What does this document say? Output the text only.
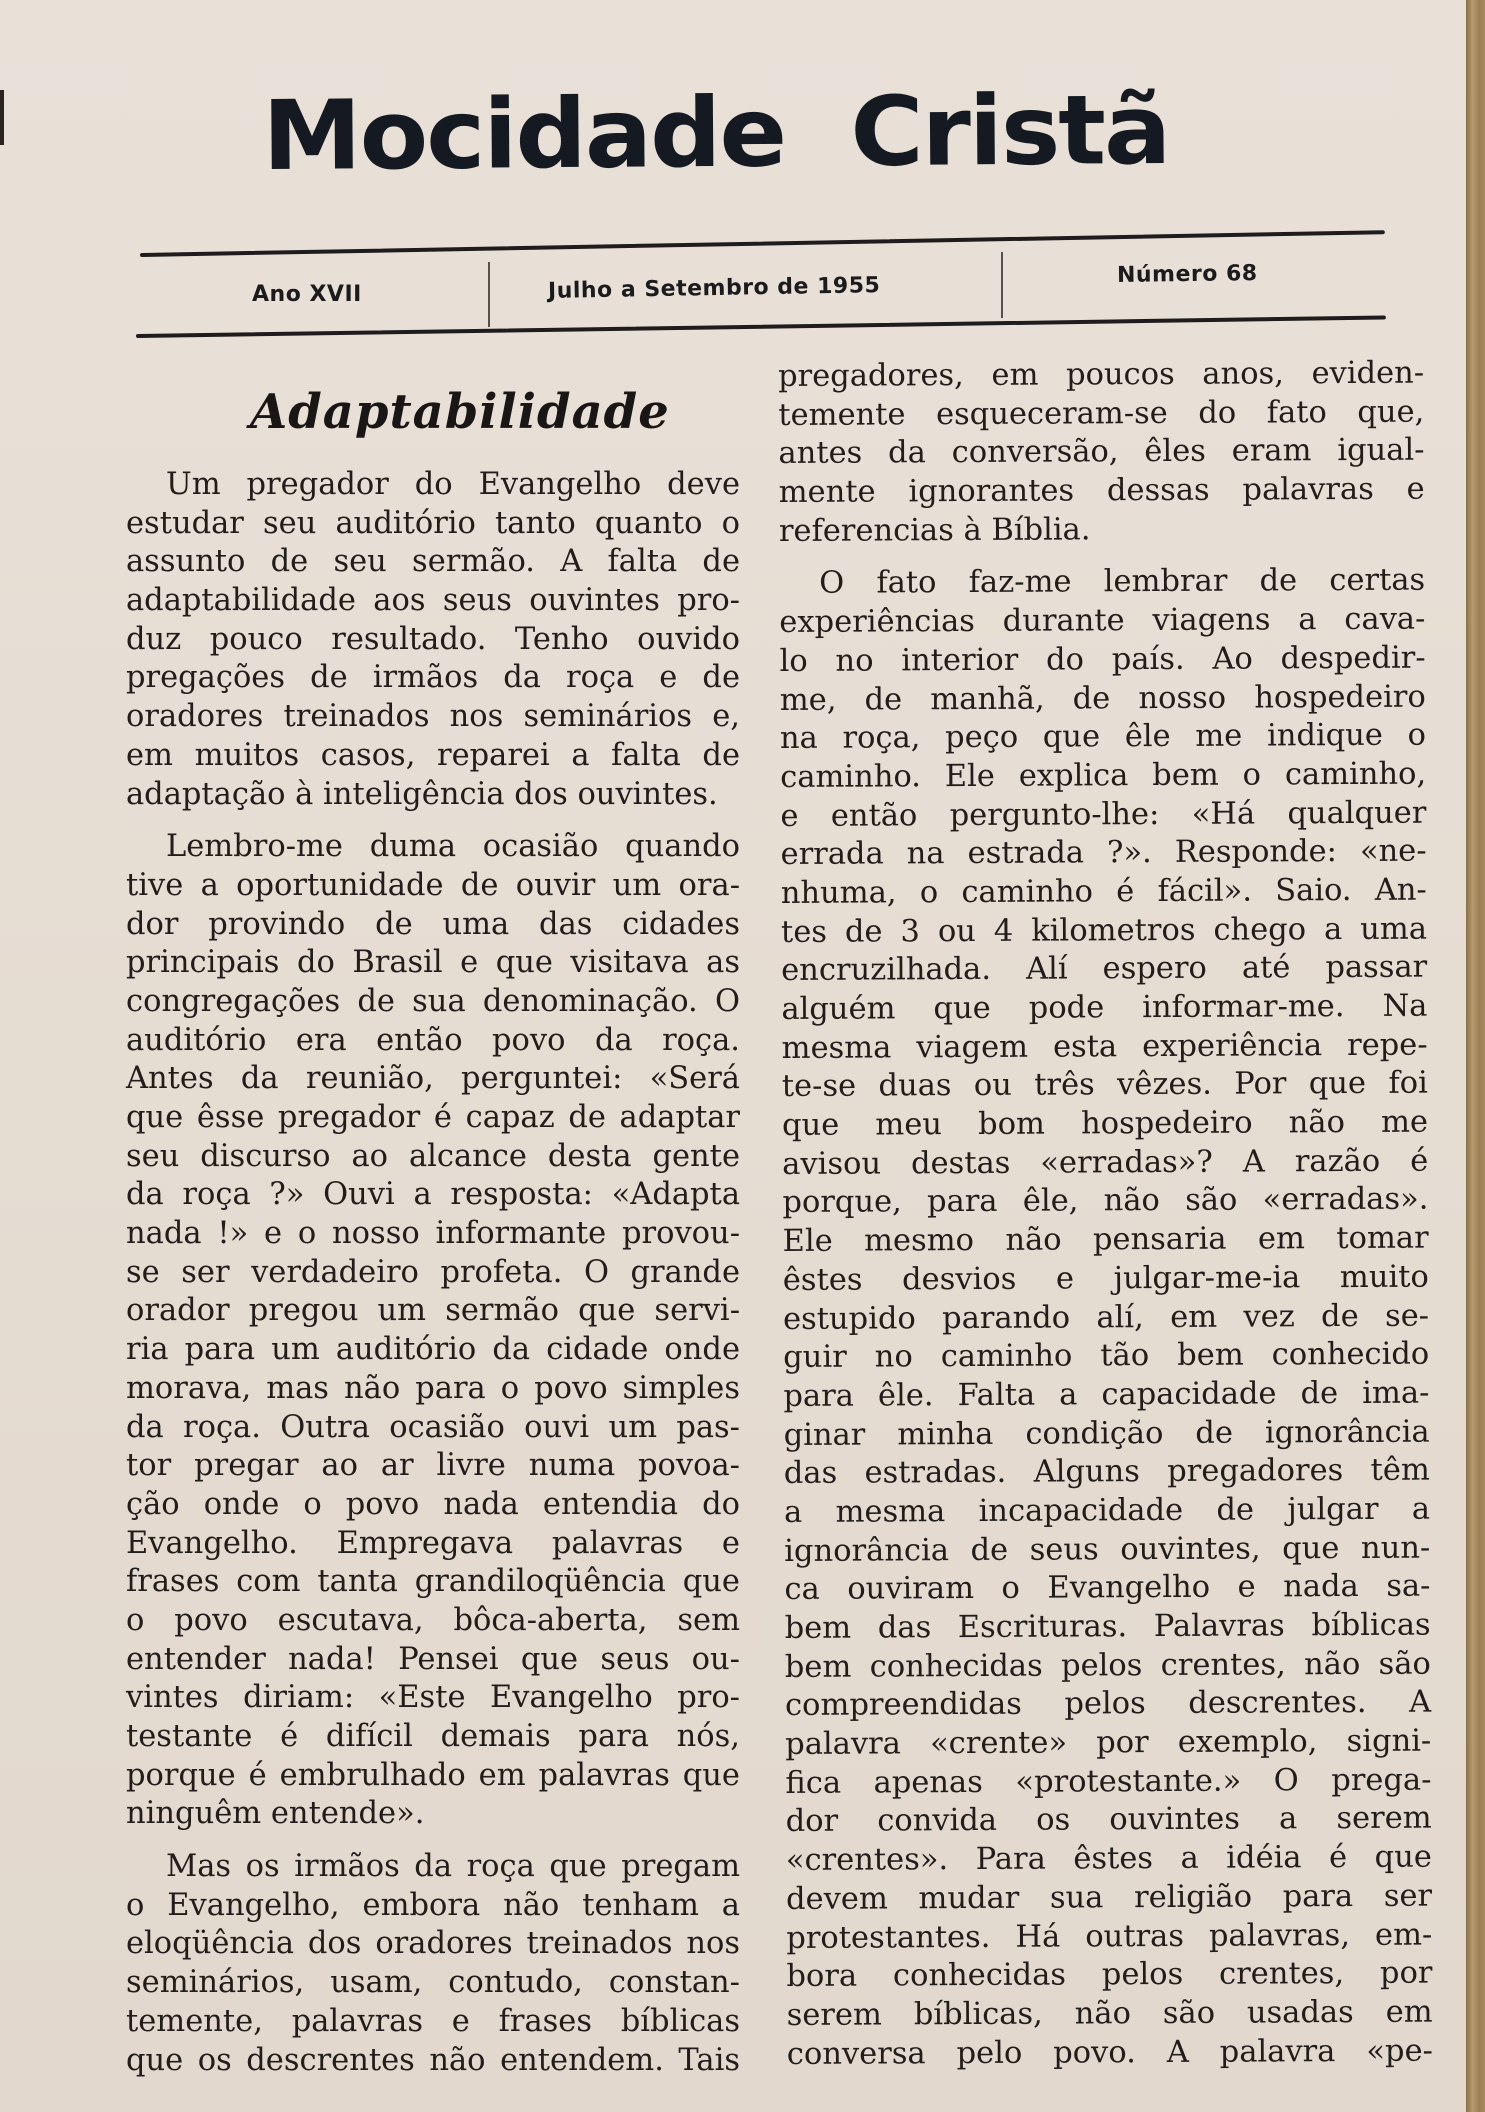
Mocidade  Cristã
Ano XVII	Julho a Setembro de 1955	Número 68
Adaptabilidade
Um pregador do Evangelho deve
estudar seu auditório tanto quanto o
assunto de seu sermão. A falta de
adaptabilidade aos seus ouvintes pro-
duz pouco resultado. Tenho ouvido
pregações de irmãos da roça e de
oradores treinados nos seminários e,
em muitos casos, reparei a falta de
adaptação à inteligência dos ouvintes.
Lembro-me duma ocasião quando
tive a oportunidade de ouvir um ora-
dor provindo de uma das cidades
principais do Brasil e que visitava as
congregações de sua denominação. O
auditório era então povo da roça.
Antes da reunião, perguntei: «Será
que êsse pregador é capaz de adaptar
seu discurso ao alcance desta gente
da roça ?» Ouvi a resposta: «Adapta
nada !» e o nosso informante provou-
se ser verdadeiro profeta. O grande
orador pregou um sermão que servi-
ria para um auditório da cidade onde
morava, mas não para o povo simples
da roça. Outra ocasião ouvi um pas-
tor pregar ao ar livre numa povoa-
ção onde o povo nada entendia do
Evangelho. Empregava palavras e
frases com tanta grandiloqüência que
o povo escutava, bôca-aberta, sem
entender nada! Pensei que seus ou-
vintes diriam: «Este Evangelho pro-
testante é difícil demais para nós,
porque é embrulhado em palavras que
ninguêm entende».
Mas os irmãos da roça que pregam
o Evangelho, embora não tenham a
eloqüência dos oradores treinados nos
seminários, usam, contudo, constan-
temente, palavras e frases bíblicas
que os descrentes não entendem. Tais
pregadores, em poucos anos, eviden-
temente esqueceram-se do fato que,
antes da conversão, êles eram igual-
mente ignorantes dessas palavras e
referencias à Bíblia.
O fato faz-me lembrar de certas
experiências durante viagens a cava-
lo no interior do país. Ao despedir-
me, de manhã, de nosso hospedeiro
na roça, peço que êle me indique o
caminho. Ele explica bem o caminho,
e então pergunto-lhe: «Há qualquer
errada na estrada ?». Responde: «ne-
nhuma, o caminho é fácil». Saio. An-
tes de 3 ou 4 kilometros chego a uma
encruzilhada. Alí espero até passar
alguém que pode informar-me. Na
mesma viagem esta experiência repe-
te-se duas ou três vêzes. Por que foi
que meu bom hospedeiro não me
avisou destas «erradas»? A razão é
porque, para êle, não são «erradas».
Ele mesmo não pensaria em tomar
êstes desvios e julgar-me-ia muito
estupido parando alí, em vez de se-
guir no caminho tão bem conhecido
para êle. Falta a capacidade de ima-
ginar minha condição de ignorância
das estradas. Alguns pregadores têm
a mesma incapacidade de julgar a
ignorância de seus ouvintes, que nun-
ca ouviram o Evangelho e nada sa-
bem das Escrituras. Palavras bíblicas
bem conhecidas pelos crentes, não são
compreendidas pelos descrentes. A
palavra «crente» por exemplo, signi-
fica apenas «protestante.» O prega-
dor convida os ouvintes a serem
«crentes». Para êstes a idéia é que
devem mudar sua religião para ser
protestantes. Há outras palavras, em-
bora conhecidas pelos crentes, por
serem bíblicas, não são usadas em
conversa pelo povo. A palavra «pe-
